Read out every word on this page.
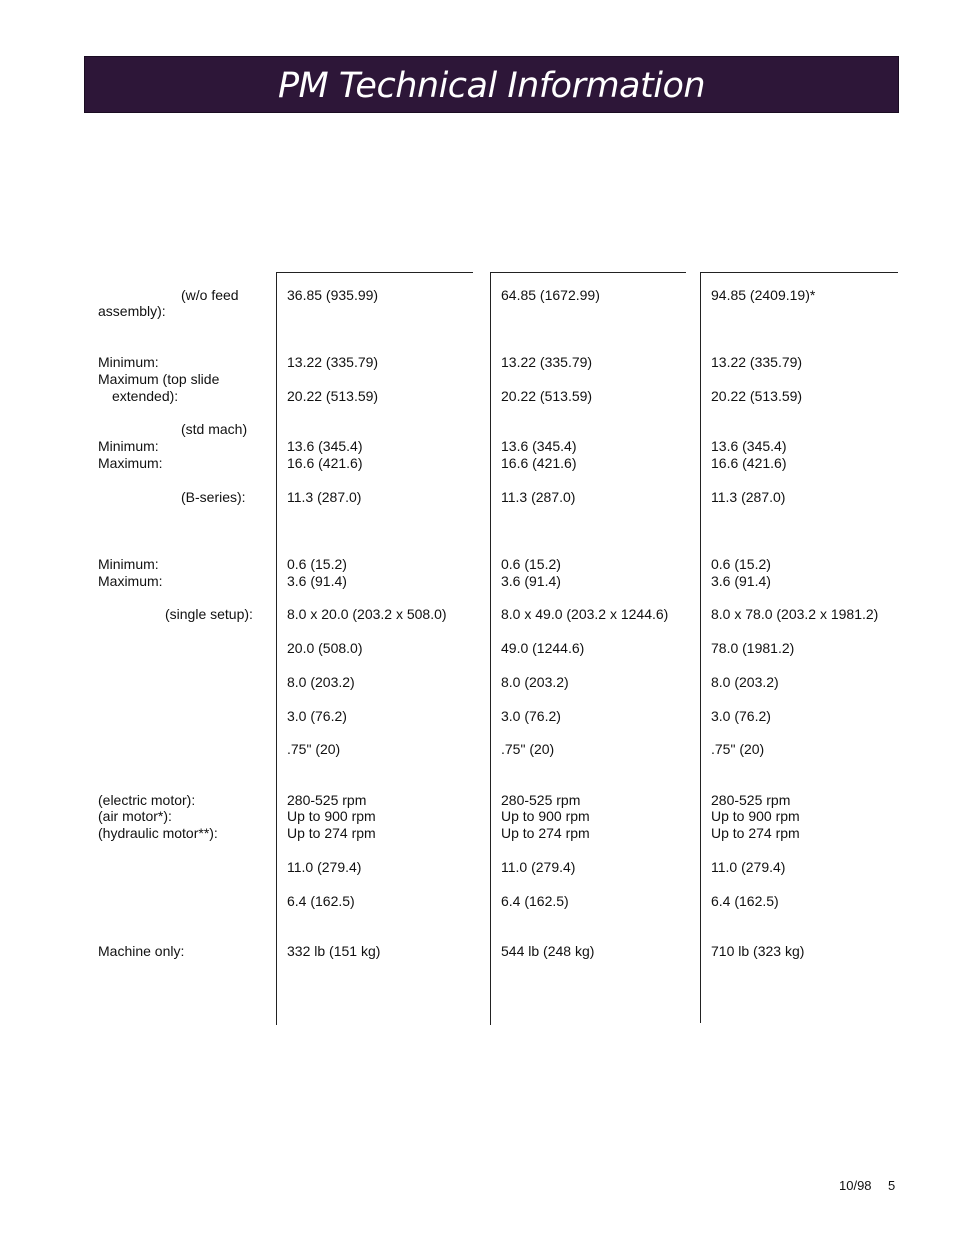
PM Technical Information
(w/o feed
assembly):
Minimum:
Maximum (top slide
extended):
(std mach)
Minimum:
Maximum:
(B-series):
Minimum:
Maximum:
(single setup):
(electric motor):
(air motor*):
(hydraulic motor**):
Machine only:
36.85 (935.99)
13.22 (335.79)
20.22 (513.59)
13.6 (345.4)
16.6 (421.6)
11.3 (287.0)
0.6 (15.2)
3.6 (91.4)
8.0 x 20.0 (203.2 x 508.0)
20.0 (508.0)
8.0 (203.2)
3.0 (76.2)
.75" (20)
280-525 rpm
Up to 900 rpm
Up to 274 rpm
11.0 (279.4)
6.4 (162.5)
332 lb (151 kg)
64.85 (1672.99)
13.22 (335.79)
20.22 (513.59)
13.6 (345.4)
16.6 (421.6)
11.3 (287.0)
0.6 (15.2)
3.6 (91.4)
8.0 x 49.0 (203.2 x 1244.6)
49.0 (1244.6)
8.0 (203.2)
3.0 (76.2)
.75" (20)
280-525 rpm
Up to 900 rpm
Up to 274 rpm
11.0 (279.4)
6.4 (162.5)
544 lb (248 kg)
94.85 (2409.19)*
13.22 (335.79)
20.22 (513.59)
13.6 (345.4)
16.6 (421.6)
11.3 (287.0)
0.6 (15.2)
3.6 (91.4)
8.0 x 78.0 (203.2 x 1981.2)
78.0 (1981.2)
8.0 (203.2)
3.0 (76.2)
.75" (20)
280-525 rpm
Up to 900 rpm
Up to 274 rpm
11.0 (279.4)
6.4 (162.5)
710 lb (323 kg)
10/98 5
